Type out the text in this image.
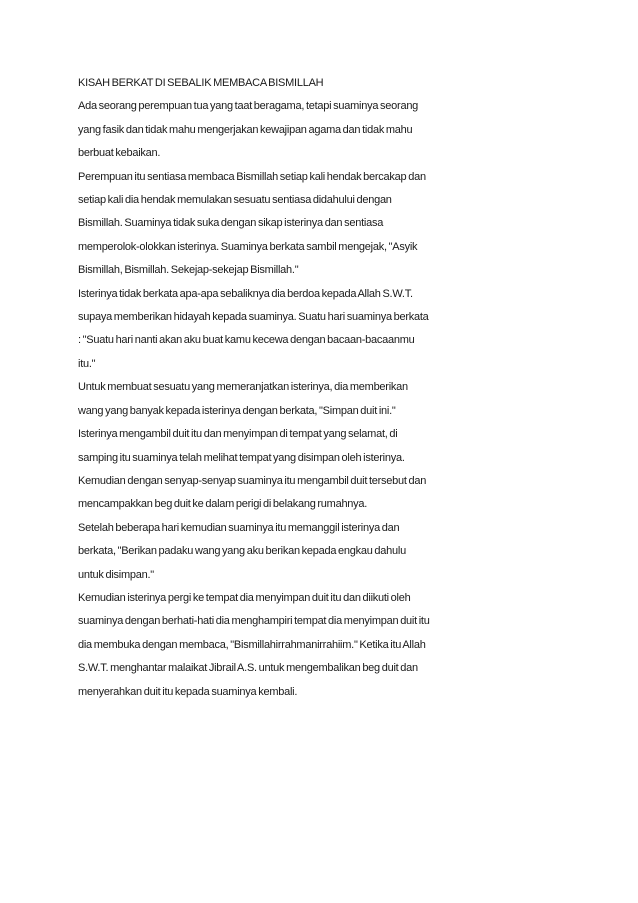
KISAH BERKAT DI SEBALIK MEMBACA BISMILLAH
Ada seorang perempuan tua yang taat beragama, tetapi suaminya seorang
yang fasik dan tidak mahu mengerjakan kewajipan agama dan tidak mahu
berbuat kebaikan.
Perempuan itu sentiasa membaca Bismillah setiap kali hendak bercakap dan
setiap kali dia hendak memulakan sesuatu sentiasa didahului dengan
Bismillah. Suaminya tidak suka dengan sikap isterinya dan sentiasa
memperolok-olokkan isterinya. Suaminya berkata sambil mengejak, "Asyik
Bismillah, Bismillah. Sekejap-sekejap Bismillah."
Isterinya tidak berkata apa-apa sebaliknya dia berdoa kepada Allah S.W.T.
supaya memberikan hidayah kepada suaminya. Suatu hari suaminya berkata
: "Suatu hari nanti akan aku buat kamu kecewa dengan bacaan-bacaanmu
itu."
Untuk membuat sesuatu yang memeranjatkan isterinya, dia memberikan
wang yang banyak kepada isterinya dengan berkata, "Simpan duit ini."
Isterinya mengambil duit itu dan menyimpan di tempat yang selamat, di
samping itu suaminya telah melihat tempat yang disimpan oleh isterinya.
Kemudian dengan senyap-senyap suaminya itu mengambil duit tersebut dan
mencampakkan beg duit ke dalam perigi di belakang rumahnya.
Setelah beberapa hari kemudian suaminya itu memanggil isterinya dan
berkata, "Berikan padaku wang yang aku berikan kepada engkau dahulu
untuk disimpan."
Kemudian isterinya pergi ke tempat dia menyimpan duit itu dan diikuti oleh
suaminya dengan berhati-hati dia menghampiri tempat dia menyimpan duit itu
dia membuka dengan membaca, "Bismillahirrahmanirrahiim." Ketika itu Allah
S.W.T. menghantar malaikat Jibrail A.S. untuk mengembalikan beg duit dan
menyerahkan duit itu kepada suaminya kembali.
